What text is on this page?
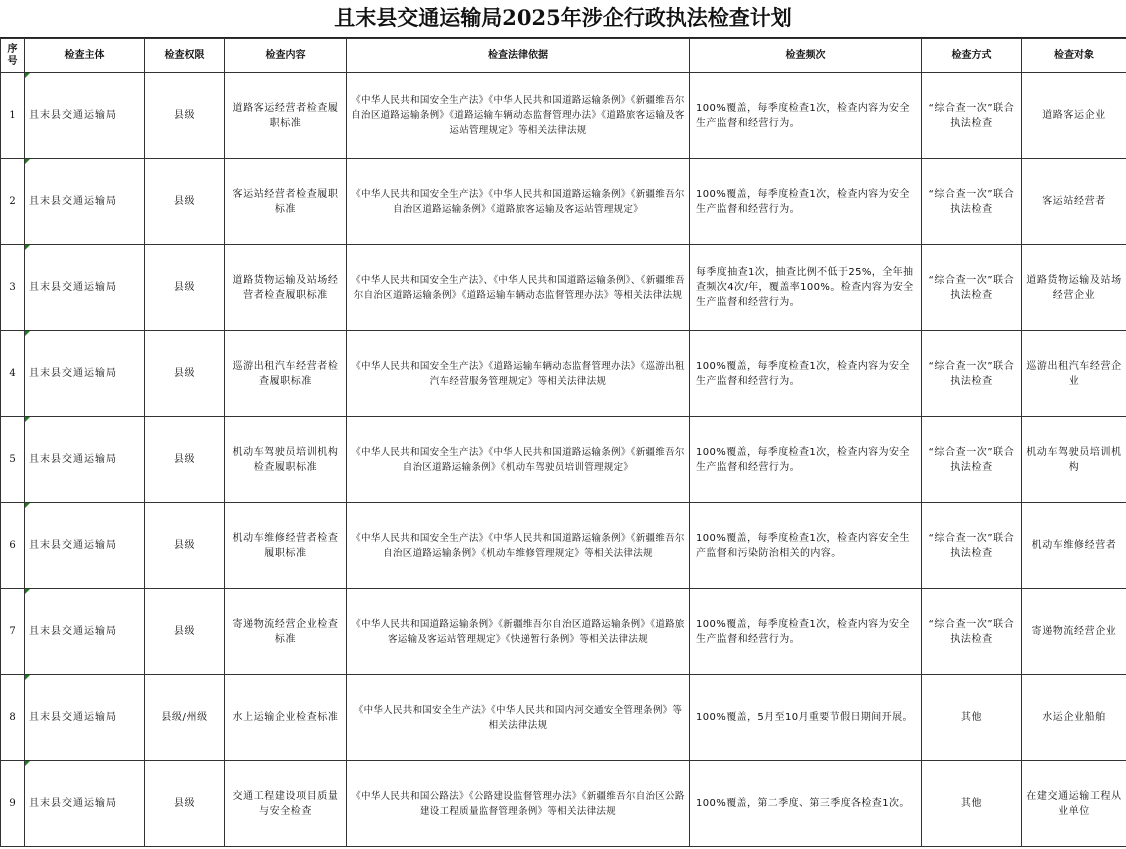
且末县交通运输局2025年涉企行政执法检查计划
序号	检查主体	检查权限	检查内容	检查法律依据	检查频次	检查方式	检查对象
1	且末县交通运输局	县级	道路客运经营者检查履职标准	《中华人民共和国安全生产法》《中华人民共和国道路运输条例》《新疆维吾尔自治区道路运输条例》《道路运输车辆动态监督管理办法》《道路旅客运输及客运站管理规定》等相关法律法规	100%覆盖，每季度检查1次，检查内容为安全生产监督和经营行为。	“综合查一次”联合执法检查	道路客运企业
2	且末县交通运输局	县级	客运站经营者检查履职标准	《中华人民共和国安全生产法》《中华人民共和国道路运输条例》《新疆维吾尔自治区道路运输条例》《道路旅客运输及客运站管理规定》	100%覆盖，每季度检查1次，检查内容为安全生产监督和经营行为。	“综合查一次”联合执法检查	客运站经营者
3	且末县交通运输局	县级	道路货物运输及站场经营者检查履职标准	《中华人民共和国安全生产法》、《中华人民共和国道路运输条例》、《新疆维吾尔自治区道路运输条例》《道路运输车辆动态监督管理办法》等相关法律法规	每季度抽查1次，抽查比例不低于25%，全年抽查频次4次/年，覆盖率100%。检查内容为安全生产监督和经营行为。	“综合查一次”联合执法检查	道路货物运输及站场经营企业
4	且末县交通运输局	县级	巡游出租汽车经营者检查履职标准	《中华人民共和国安全生产法》《道路运输车辆动态监督管理办法》《巡游出租汽车经营服务管理规定》等相关法律法规	100%覆盖，每季度检查1次，检查内容为安全生产监督和经营行为。	“综合查一次”联合执法检查	巡游出租汽车经营企业
5	且末县交通运输局	县级	机动车驾驶员培训机构检查履职标准	《中华人民共和国安全生产法》《中华人民共和国道路运输条例》《新疆维吾尔自治区道路运输条例》《机动车驾驶员培训管理规定》	100%覆盖，每季度检查1次，检查内容为安全生产监督和经营行为。	“综合查一次”联合执法检查	机动车驾驶员培训机构
6	且末县交通运输局	县级	机动车维修经营者检查履职标准	《中华人民共和国安全生产法》《中华人民共和国道路运输条例》《新疆维吾尔自治区道路运输条例》《机动车维修管理规定》等相关法律法规	100%覆盖，每季度检查1次，检查内容安全生产监督和污染防治相关的内容。	“综合查一次”联合执法检查	机动车维修经营者
7	且末县交通运输局	县级	寄递物流经营企业检查标准	《中华人民共和国道路运输条例》《新疆维吾尔自治区道路运输条例》《道路旅客运输及客运站管理规定》《快递暂行条例》等相关法律法规	100%覆盖，每季度检查1次，检查内容为安全生产监督和经营行为。	“综合查一次”联合执法检查	寄递物流经营企业
8	且末县交通运输局	县级/州级	水上运输企业检查标准	《中华人民共和国安全生产法》《中华人民共和国内河交通安全管理条例》等相关法律法规	100%覆盖，5月至10月重要节假日期间开展。	其他	水运企业船舶
9	且末县交通运输局	县级	交通工程建设项目质量与安全检查	《中华人民共和国公路法》《公路建设监督管理办法》《新疆维吾尔自治区公路建设工程质量监督管理条例》等相关法律法规	100%覆盖，第二季度、第三季度各检查1次。	其他	在建交通运输工程从业单位
